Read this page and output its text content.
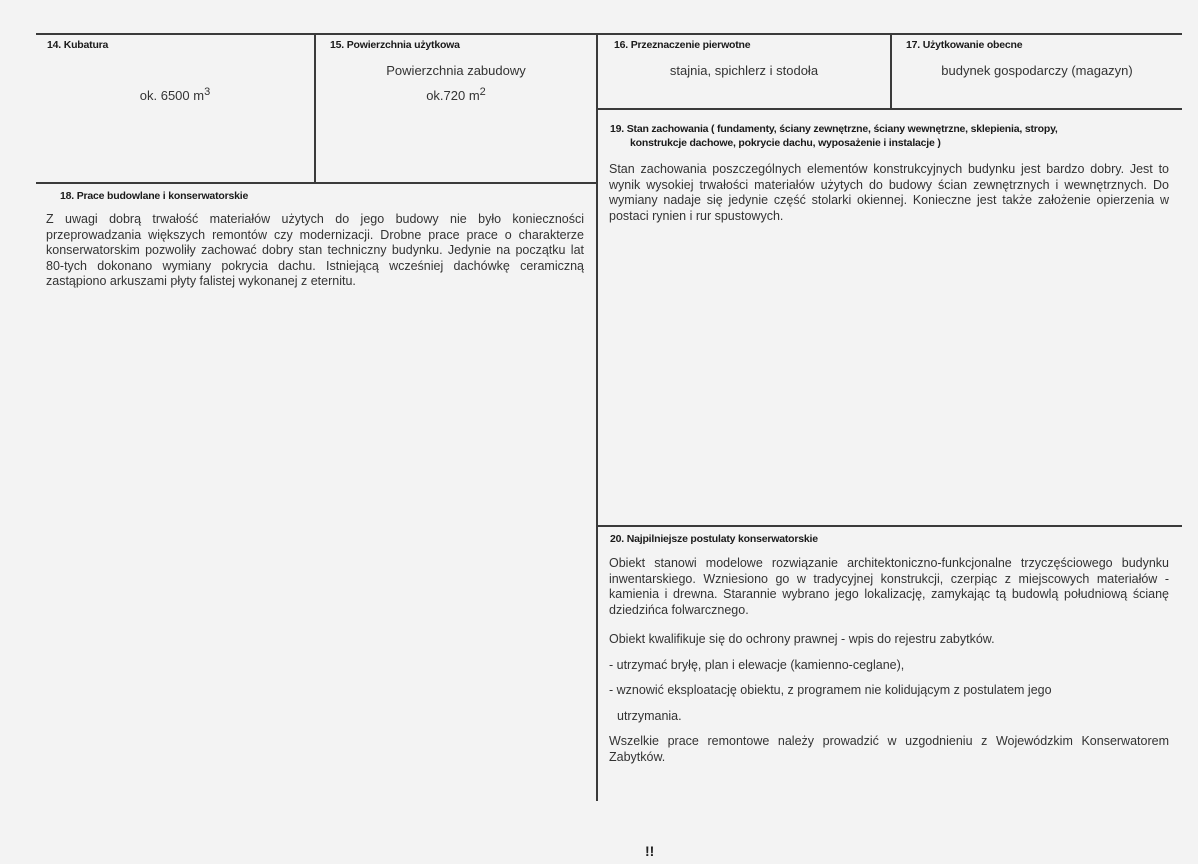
14. Kubatura
ok. 6500 $m^3$
15. Powierzchnia użytkowa
Powierzchnia zabudowy
ok.720 $m^2$
16. Przeznaczenie pierwotne
stajnia, spichlerz i stodoła
17. Użytkowanie obecne
budynek gospodarczy (magazyn)
18. Prace budowlane i konserwatorskie
Z uwagi dobrą trwałość materiałów użytych do jego budowy nie było konieczności przeprowadzania większych remontów czy modernizacji. Drobne prace prace o charakterze konserwatorskim pozwoliły zachować dobry stan techniczny budynku. Jedynie na początku lat 80-tych dokonano wymiany pokrycia dachu. Istniejącą wcześniej dachówkę ceramiczną zastąpiono arkuszami płyty falistej wykonanej z eternitu.
19. Stan zachowania ( fundamenty, ściany zewnętrzne, ściany wewnętrzne, sklepienia, stropy,
konstrukcje dachowe, pokrycie dachu, wyposażenie i instalacje )
Stan zachowania poszczególnych elementów konstrukcyjnych budynku jest bardzo dobry. Jest to wynik wysokiej trwałości materiałów użytych do budowy ścian zewnętrznych i wewnętrznych. Do wymiany nadaje się jedynie część stolarki okiennej. Konieczne jest także założenie opierzenia w postaci rynien i rur spustowych.
20. Najpilniejsze postulaty konserwatorskie
Obiekt stanowi modelowe rozwiązanie architektoniczno-funkcjonalne trzyczęściowego budynku inwentarskiego. Wzniesiono go w tradycyjnej konstrukcji, czerpiąc z miejscowych materiałów - kamienia i drewna. Starannie wybrano jego lokalizację, zamykając tą budowlą południową ścianę dziedzińca folwarcznego.
Obiekt kwalifikuje się do ochrony prawnej - wpis do rejestru zabytków.
- utrzymać bryłę, plan i elewacje (kamienno-ceglane),
- wznowić eksploatację obiektu, z programem nie kolidującym z postulatem jego
utrzymania.
Wszelkie prace remontowe należy prowadzić w uzgodnieniu z Wojewódzkim Konserwatorem Zabytków.
!!
